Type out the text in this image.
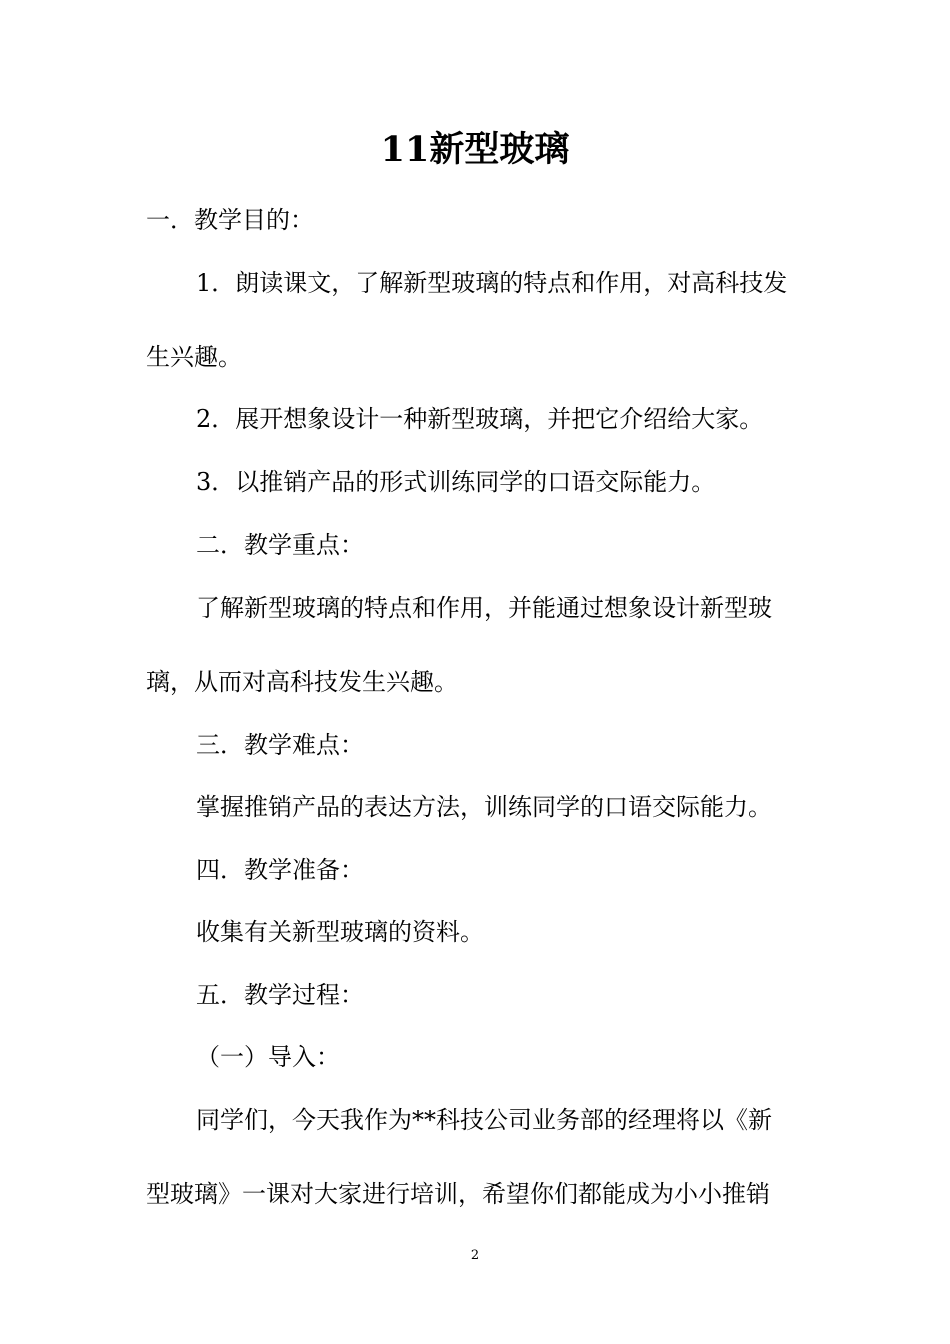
11新型玻璃
一．教学目的：
1．朗读课文，了解新型玻璃的特点和作用，对高科技发
生兴趣。
2．展开想象设计一种新型玻璃，并把它介绍给大家。
3．以推销产品的形式训练同学的口语交际能力。
二．教学重点：
了解新型玻璃的特点和作用，并能通过想象设计新型玻
璃，从而对高科技发生兴趣。
三．教学难点：
掌握推销产品的表达方法，训练同学的口语交际能力。
四．教学准备：
收集有关新型玻璃的资料。
五．教学过程：
（一）导入：
同学们，今天我作为**科技公司业务部的经理将以《新
型玻璃》一课对大家进行培训，希望你们都能成为小小推销
2
